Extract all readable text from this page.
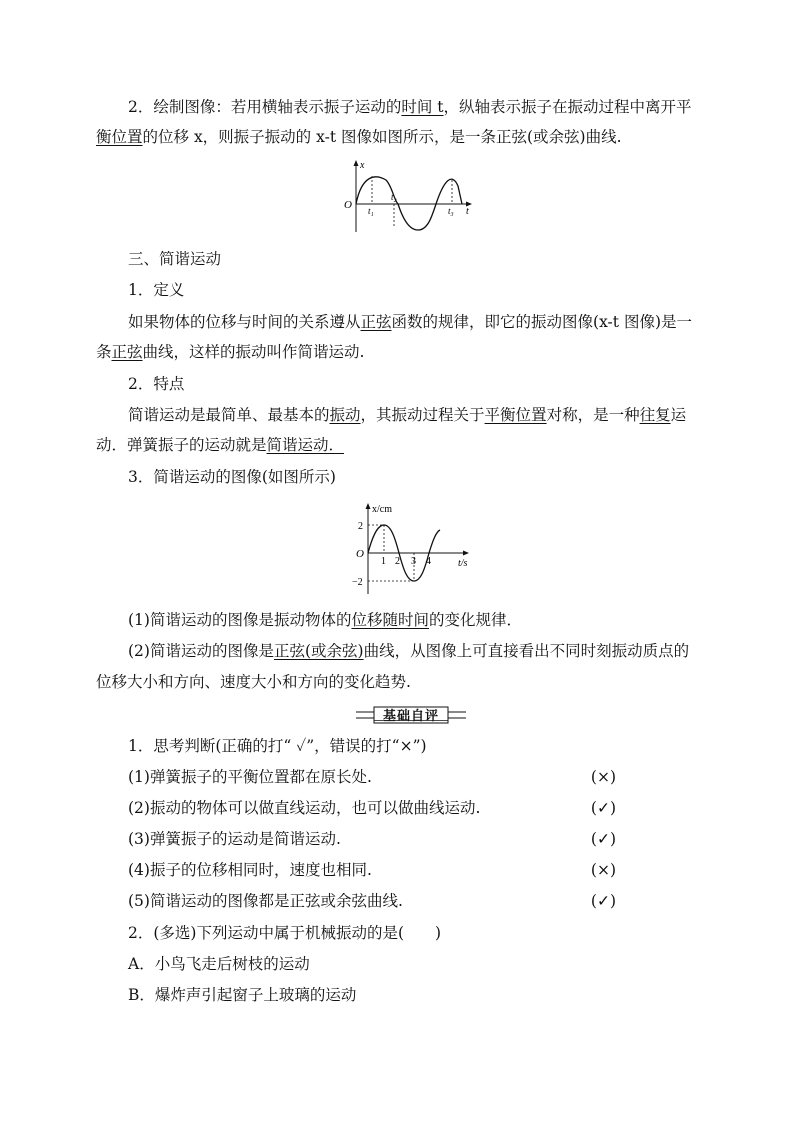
2．绘制图像：若用横轴表示振子运动的时间 t，纵轴表示振子在振动过程中离开平
衡位置的位移 x，则振子振动的 x-t 图像如图所示，是一条正弦(或余弦)曲线.
x
O
t
t₁
t₂
t₃
三、简谐运动
1．定义
如果物体的位移与时间的关系遵从正弦函数的规律，即它的振动图像(x-t 图像)是一
条正弦曲线，这样的振动叫作简谐运动.
2．特点
简谐运动是最简单、最基本的振动，其振动过程关于平衡位置对称，是一种往复运
动．弹簧振子的运动就是简谐运动．
3．简谐运动的图像(如图所示)
x/cm
t/s
O
2
−2
1 2 3 4
(1)简谐运动的图像是振动物体的位移随时间的变化规律．
(2)简谐运动的图像是正弦(或余弦)曲线，从图像上可直接看出不同时刻振动质点的
位移大小和方向、速度大小和方向的变化趋势.
基础自评
1．思考判断(正确的打“ ✓”，错误的打“×”)
(1)弹簧振子的平衡位置都在原长处.	(×)
(2)振动的物体可以做直线运动，也可以做曲线运动.	(✓)
(3)弹簧振子的运动是简谐运动.	(✓)
(4)振子的位移相同时，速度也相同.	(×)
(5)简谐运动的图像都是正弦或余弦曲线.	(✓)
2．(多选)下列运动中属于机械振动的是(　　)
A．小鸟飞走后树枝的运动
B．爆炸声引起窗子上玻璃的运动
